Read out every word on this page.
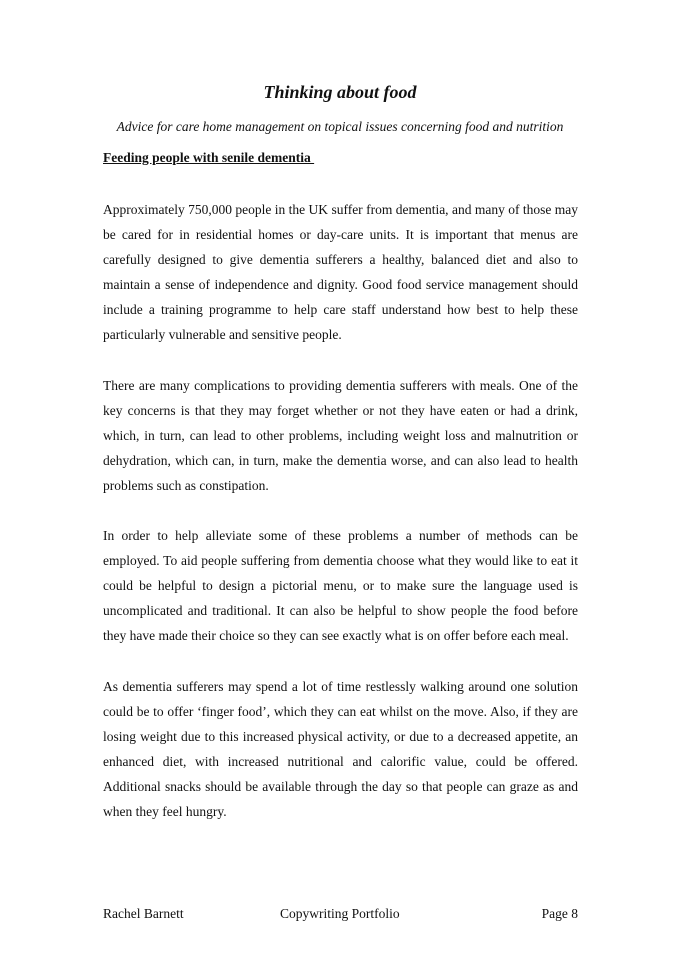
Thinking about food

Advice for care home management on topical issues concerning food and nutrition

Feeding people with senile dementia

Approximately 750,000 people in the UK suffer from dementia, and many of those may be cared for in residential homes or day-care units. It is important that menus are carefully designed to give dementia sufferers a healthy, balanced diet and also to maintain a sense of independence and dignity. Good food service management should include a training programme to help care staff understand how best to help these particularly vulnerable and sensitive people.

There are many complications to providing dementia sufferers with meals. One of the key concerns is that they may forget whether or not they have eaten or had a drink, which, in turn, can lead to other problems, including weight loss and malnutrition or dehydration, which can, in turn, make the dementia worse, and can also lead to health problems such as constipation.

In order to help alleviate some of these problems a number of methods can be employed. To aid people suffering from dementia choose what they would like to eat it could be helpful to design a pictorial menu, or to make sure the language used is uncomplicated and traditional. It can also be helpful to show people the food before they have made their choice so they can see exactly what is on offer before each meal.

As dementia sufferers may spend a lot of time restlessly walking around one solution could be to offer ‘finger food’, which they can eat whilst on the move. Also, if they are losing weight due to this increased physical activity, or due to a decreased appetite, an enhanced diet, with increased nutritional and calorific value, could be offered. Additional snacks should be available through the day so that people can graze as and when they feel hungry.

Rachel Barnett	Copywriting Portfolio	Page 8
